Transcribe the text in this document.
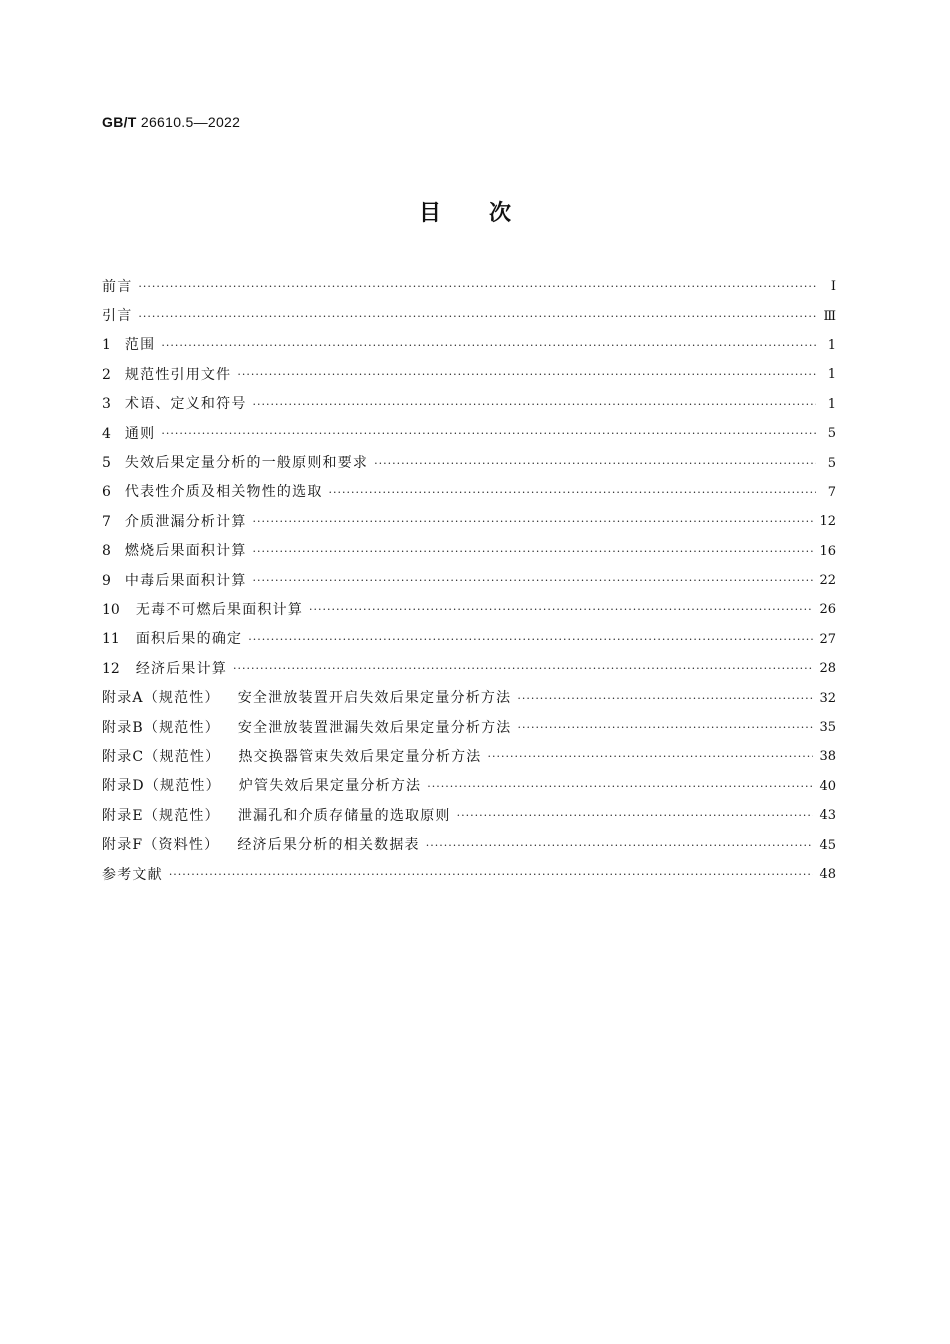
GB/T 26610.5—2022
目次
前言 ·····	Ⅰ
引言 ·····	Ⅲ
1 范围 ·····	1
2 规范性引用文件 ·····	1
3 术语、定义和符号 ·····	1
4 通则 ·····	5
5 失效后果定量分析的一般原则和要求 ·····	5
6 代表性介质及相关物性的选取 ·····	7
7 介质泄漏分析计算 ·····	12
8 燃烧后果面积计算 ·····	16
9 中毒后果面积计算 ·····	22
10 无毒不可燃后果面积计算 ·····	26
11 面积后果的确定 ·····	27
12 经济后果计算 ·····	28
附录A（规范性） 安全泄放装置开启失效后果定量分析方法 ·····	32
附录B（规范性） 安全泄放装置泄漏失效后果定量分析方法 ·····	35
附录C（规范性） 热交换器管束失效后果定量分析方法 ·····	38
附录D（规范性） 炉管失效后果定量分析方法 ·····	40
附录E（规范性） 泄漏孔和介质存储量的选取原则 ·····	43
附录F（资料性） 经济后果分析的相关数据表 ·····	45
参考文献 ·····	48
